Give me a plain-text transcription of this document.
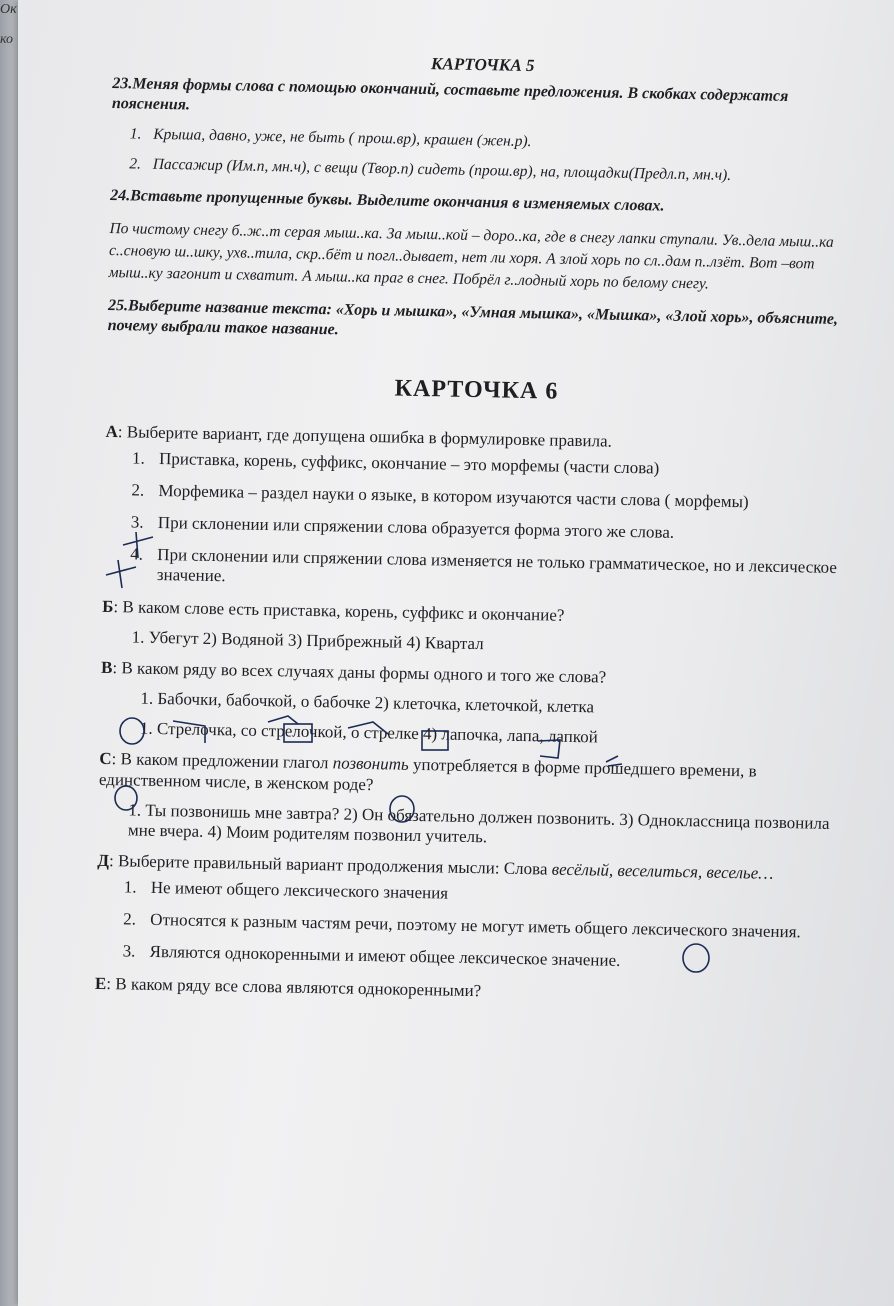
Ок
ко

КАРТОЧКА 5

23.Меняя формы слова с помощью окончаний, составьте предложения. В скобках содержатся пояснения.

1. Крыша, давно, уже, не быть ( прош.вр), крашен (жен.р).
2. Пассажир (Им.п, мн.ч), с вещи (Твор.п) сидеть (прош.вр), на, площадки(Предл.п, мн.ч).

24.Вставьте пропущенные буквы. Выделите окончания в изменяемых словах.

По чистому снегу б..ж..т серая мыш..ка. За мыш..кой – доро..ка, где в снегу лапки ступали. Ув..дела мыш..ка с..сновую ш..шку, ухв..тила, скр..бёт и погл..дывает, нет ли хоря. А злой хорь по сл..дам п..лзёт. Вот –вот мыш..ку загонит и схватит. А мыш..ка праг в снег. Побрёл г..лодный хорь по белому снегу.

25.Выберите название текста: «Хорь и мышка», «Умная мышка», «Мышка», «Злой хорь», объясните, почему выбрали такое название.

КАРТОЧКА 6

А: Выберите вариант, где допущена ошибка в формулировке правила.

1. Приставка, корень, суффикс, окончание – это морфемы (части слова)
2. Морфемика – раздел науки о языке, в котором изучаются части слова ( морфемы)
3. При склонении или спряжении слова образуется форма этого же слова.
4. При склонении или спряжении слова изменяется не только грамматическое, но и лексическое значение.

Б: В каком слове есть приставка, корень, суффикс и окончание?

1. Убегут 2) Водяной 3) Прибрежный 4) Квартал

В: В каком ряду во всех случаях даны формы одного и того же слова?

1. Бабочки, бабочкой, о бабочке 2) клеточка, клеточкой, клетка

1. Стрелочка, со стрелочкой, о стрелке 4) лапочка, лапа, лапкой

С: В каком предложении глагол позвонить употребляется в форме прошедшего времени, в единственном числе, в женском роде?

1. Ты позвонишь мне завтра? 2) Он обязательно должен позвонить. 3) Одноклассница позвонила мне вчера. 4) Моим родителям позвонил учитель.

Д: Выберите правильный вариант продолжения мысли: Слова весёлый, веселиться, веселье…

1. Не имеют общего лексического значения
2. Относятся к разным частям речи, поэтому не могут иметь общего лексического значения.
3. Являются однокоренными и имеют общее лексическое значение.

Е: В каком ряду все слова являются однокоренными?
